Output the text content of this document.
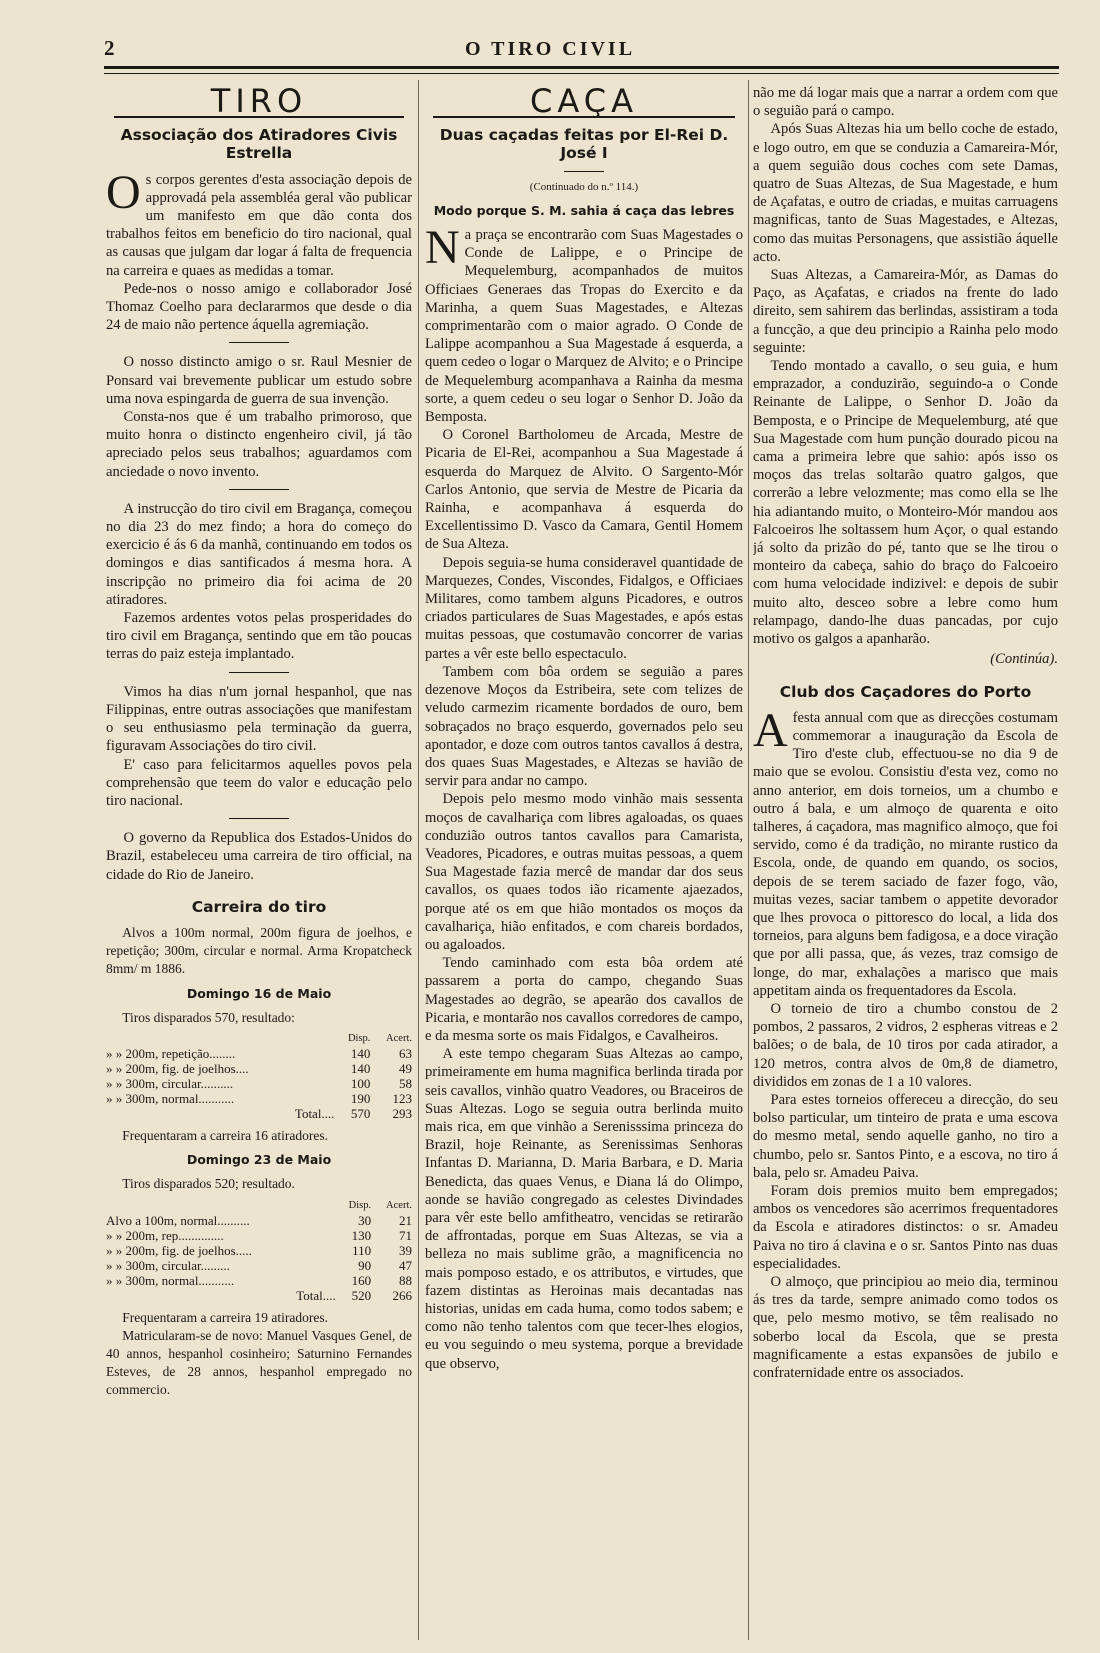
2	O TIRO CIVIL
TIRO
Associação dos Atiradores Civis Estrella

Os corpos gerentes d'esta associação depois de approvadá pela assembléa geral vão publicar um manifesto em que dão conta dos trabalhos feitos em beneficio do tiro nacional, qual as causas que julgam dar logar á falta de frequencia na carreira e quaes as medidas a tomar.

Pede-nos o nosso amigo e collaborador José Thomaz Coelho para declararmos que desde o dia 24 de maio não pertence áquella agremiação.

O nosso distincto amigo o sr. Raul Mesnier de Ponsard vai brevemente publicar um estudo sobre uma nova espingarda de guerra de sua invenção.

Consta-nos que é um trabalho primoroso, que muito honra o distincto engenheiro civil, já tão apreciado pelos seus trabalhos; aguardamos com anciedade o novo invento.

A instrucção do tiro civil em Bragança, começou no dia 23 do mez findo; a hora do começo do exercicio é ás 6 da manhã, continuando em todos os domingos e dias santificados á mesma hora. A inscripção no primeiro dia foi acima de 20 atiradores.

Fazemos ardentes votos pelas prosperidades do tiro civil em Bragança, sentindo que em tão poucas terras do paiz esteja implantado.

Vimos ha dias n'um jornal hespanhol, que nas Filippinas, entre outras associações que manifestam o seu enthusiasmo pela terminação da guerra, figuravam Associações do tiro civil.

E' caso para felicitarmos aquelles povos pela comprehensão que teem do valor e educação pelo tiro nacional.

O governo da Republica dos Estados-Unidos do Brazil, estabeleceu uma carreira de tiro official, na cidade do Rio de Janeiro.

Carreira do tiro

Alvos a 100m normal, 200m figura de joelhos, e repetição; 300m, circular e normal. Arma Kropatcheck 8mm/ m 1886.

Domingo 16 de Maio

Tiros disparados 570, resultado:

	Disp.	Acert.
» » 200m, repetição........	140	63
» » 200m, fig. de joelhos....	140	49
» » 300m, circular..........	100	58
» » 300m, normal...........	190	123
Total....	570	293

Frequentaram a carreira 16 atiradores.

Domingo 23 de Maio

Tiros disparados 520; resultado.

	Disp.	Acert.
Alvo a 100m, normal..........	30	21
» » 200m, rep..............	130	71
» » 200m, fig. de joelhos.....	110	39
» » 300m, circular.........	90	47
» » 300m, normal...........	160	88
Total....	520	266

Frequentaram a carreira 19 atiradores.

Matricularam-se de novo: Manuel Vasques Genel, de 40 annos, hespanhol cosinheiro; Saturnino Fernandes Esteves, de 28 annos, hespanhol empregado no commercio.

CAÇA
Duas caçadas feitas por El-Rei D. José I
(Continuado do n.º 114.)
Modo porque S. M. sahia á caça das lebres

Na praça se encontrarão com Suas Magestades o Conde de Lalippe, e o Principe de Mequelemburg, acompanhados de muitos Officiaes Generaes das Tropas do Exercito e da Marinha, a quem Suas Magestades, e Altezas comprimentarão com o maior agrado. O Conde de Lalippe acompanhou a Sua Magestade á esquerda, a quem cedeo o logar o Marquez de Alvito; e o Principe de Mequelemburg acompanhava a Rainha da mesma sorte, a quem cedeu o seu logar o Senhor D. João da Bemposta.

O Coronel Bartholomeu de Arcada, Mestre de Picaria de El-Rei, acompanhou a Sua Magestade á esquerda do Marquez de Alvito. O Sargento-Mór Carlos Antonio, que servia de Mestre de Picaria da Rainha, e acompanhava á esquerda do Excellentissimo D. Vasco da Camara, Gentil Homem de Sua Alteza.

Depois seguia-se huma consideravel quantidade de Marquezes, Condes, Viscondes, Fidalgos, e Officiaes Militares, como tambem alguns Picadores, e outros criados particulares de Suas Magestades, e após estas muitas pessoas, que costumavão concorrer de varias partes a vêr este bello espectaculo.

Tambem com bôa ordem se seguião a pares dezenove Moços da Estribeira, sete com telizes de veludo carmezim ricamente bordados de ouro, bem sobraçados no braço esquerdo, governados pelo seu apontador, e doze com outros tantos cavallos á destra, dos quaes Suas Magestades, e Altezas se havião de servir para andar no campo.

Depois pelo mesmo modo vinhão mais sessenta moços de cavalhariça com libres agaloadas, os quaes conduzião outros tantos cavallos para Camarista, Veadores, Picadores, e outras muitas pessoas, a quem Sua Magestade fazia mercê de mandar dar dos seus cavallos, os quaes todos ião ricamente ajaezados, porque até os em que hião montados os moços da cavalhariça, hião enfitados, e com chareis bordados, ou agaloados.

Tendo caminhado com esta bôa ordem até passarem a porta do campo, chegando Suas Magestades ao degrão, se apearão dos cavallos de Picaria, e montarão nos cavallos corredores de campo, e da mesma sorte os mais Fidalgos, e Cavalheiros.

A este tempo chegaram Suas Altezas ao campo, primeiramente em huma magnifica berlinda tirada por seis cavallos, vinhão quatro Veadores, ou Braceiros de Suas Altezas. Logo se seguia outra berlinda muito mais rica, em que vinhão a Serenisssima princeza do Brazil, hoje Reinante, as Serenissimas Senhoras Infantas D. Marianna, D. Maria Barbara, e D. Maria Benedicta, das quaes Venus, e Diana lá do Olimpo, aonde se havião congregado as celestes Divindades para vêr este bello amfitheatro, vencidas se retirarão de affrontadas, porque em Suas Altezas, se via a belleza no mais sublime grão, a magnificencia no mais pomposo estado, e os attributos, e virtudes, que fazem distintas as Heroinas mais decantadas nas historias, unidas em cada huma, como todos sabem; e como não tenho talentos com que tecer-lhes elogios, eu vou seguindo o meu systema, porque a brevidade que observo,

não me dá logar mais que a narrar a ordem com que o seguião pará o campo.

Após Suas Altezas hia um bello coche de estado, e logo outro, em que se conduzia a Camareira-Mór, a quem seguião dous coches com sete Damas, quatro de Suas Altezas, de Sua Magestade, e hum de Açafatas, e outro de criadas, e muitas carruagens magnificas, tanto de Suas Magestades, e Altezas, como das muitas Personagens, que assistião áquelle acto.

Suas Altezas, a Camareira-Mór, as Damas do Paço, as Açafatas, e criados na frente do lado direito, sem sahirem das berlindas, assistiram a toda a funcção, a que deu principio a Rainha pelo modo seguinte:

Tendo montado a cavallo, o seu guia, e hum emprazador, a conduzirão, seguindo-a o Conde Reinante de Lalippe, o Senhor D. João da Bemposta, e o Principe de Mequelemburg, até que Sua Magestade com hum punção dourado picou na cama a primeira lebre que sahio: após isso os moços das trelas soltarão quatro galgos, que correrão a lebre velozmente; mas como ella se lhe hia adiantando muito, o Monteiro-Mór mandou aos Falcoeiros lhe soltassem hum Açor, o qual estando já solto da prizão do pé, tanto que se lhe tirou o monteiro da cabeça, sahio do braço do Falcoeiro com huma velocidade indizivel: e depois de subir muito alto, desceo sobre a lebre como hum relampago, dando-lhe duas pancadas, por cujo motivo os galgos a apanharão.

(Continúa).
Club dos Caçadores do Porto

Afesta annual com que as direcções costumam commemorar a inauguração da Escola de Tiro d'este club, effectuou-se no dia 9 de maio que se evolou. Consistiu d'esta vez, como no anno anterior, em dois torneios, um a chumbo e outro á bala, e um almoço de quarenta e oito talheres, á caçadora, mas magnifico almoço, que foi servido, como é da tradição, no mirante rustico da Escola, onde, de quando em quando, os socios, depois de se terem saciado de fazer fogo, vão, muitas vezes, saciar tambem o appetite devorador que lhes provoca o pittoresco do local, a lida dos torneios, para alguns bem fadigosa, e a doce viração que por alli passa, que, ás vezes, traz comsigo de longe, do mar, exhalações a marisco que mais appetitam ainda os frequentadores da Escola.

O torneio de tiro a chumbo constou de 2 pombos, 2 passaros, 2 vidros, 2 espheras vitreas e 2 balões; o de bala, de 10 tiros por cada atirador, a 120 metros, contra alvos de 0m,8 de diametro, divididos em zonas de 1 a 10 valores.

Para estes torneios offereceu a direcção, do seu bolso particular, um tinteiro de prata e uma escova do mesmo metal, sendo aquelle ganho, no tiro a chumbo, pelo sr. Santos Pinto, e a escova, no tiro á bala, pelo sr. Amadeu Paiva.

Foram dois premios muito bem empregados; ambos os vencedores são acerrimos frequentadores da Escola e atiradores distinctos: o sr. Amadeu Paiva no tiro á clavina e o sr. Santos Pinto nas duas especialidades.

O almoço, que principiou ao meio dia, terminou ás tres da tarde, sempre animado como todos os que, pelo mesmo motivo, se têm realisado no soberbo local da Escola, que se presta magnificamente a estas expansões de jubilo e confraternidade entre os associados.
